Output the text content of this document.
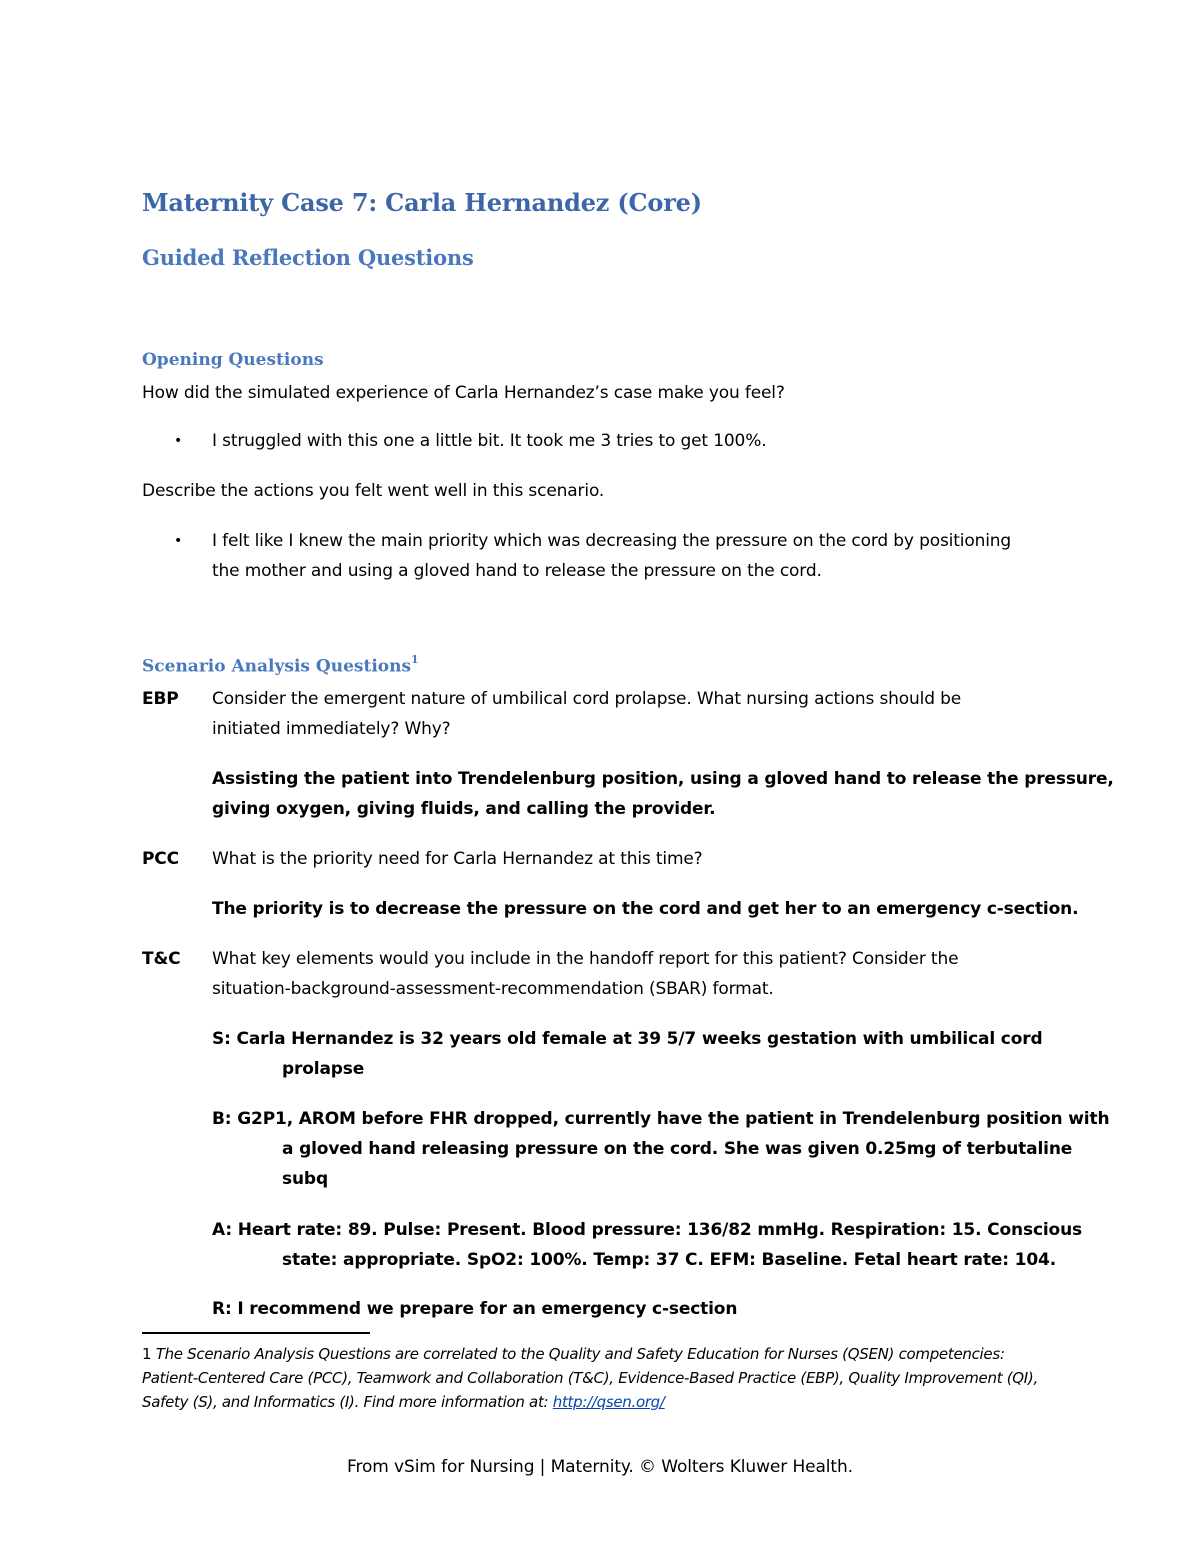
Maternity Case 7: Carla Hernandez (Core)
Guided Reflection Questions
Opening Questions
How did the simulated experience of Carla Hernandez’s case make you feel?
• I struggled with this one a little bit. It took me 3 tries to get 100%.
Describe the actions you felt went well in this scenario.
• I felt like I knew the main priority which was decreasing the pressure on the cord by positioning
the mother and using a gloved hand to release the pressure on the cord.
Scenario Analysis Questions$^1$
EBP Consider the emergent nature of umbilical cord prolapse. What nursing actions should be
initiated immediately? Why?
Assisting the patient into Trendelenburg position, using a gloved hand to release the pressure,
giving oxygen, giving fluids, and calling the provider.
PCC What is the priority need for Carla Hernandez at this time?
The priority is to decrease the pressure on the cord and get her to an emergency c-section.
T&C What key elements would you include in the handoff report for this patient? Consider the
situation-background-assessment-recommendation (SBAR) format.
S: Carla Hernandez is 32 years old female at 39 5/7 weeks gestation with umbilical cord
prolapse
B: G2P1, AROM before FHR dropped, currently have the patient in Trendelenburg position with
a gloved hand releasing pressure on the cord. She was given 0.25mg of terbutaline
subq
A: Heart rate: 89. Pulse: Present. Blood pressure: 136/82 mmHg. Respiration: 15. Conscious
state: appropriate. SpO2: 100%. Temp: 37 C. EFM: Baseline. Fetal heart rate: 104.
R: I recommend we prepare for an emergency c-section
1 The Scenario Analysis Questions are correlated to the Quality and Safety Education for Nurses (QSEN) competencies: Patient-Centered Care (PCC), Teamwork and Collaboration (T&C), Evidence-Based Practice (EBP), Quality Improvement (QI), Safety (S), and Informatics (I). Find more information at: http://qsen.org/
From vSim for Nursing | Maternity. © Wolters Kluwer Health.
